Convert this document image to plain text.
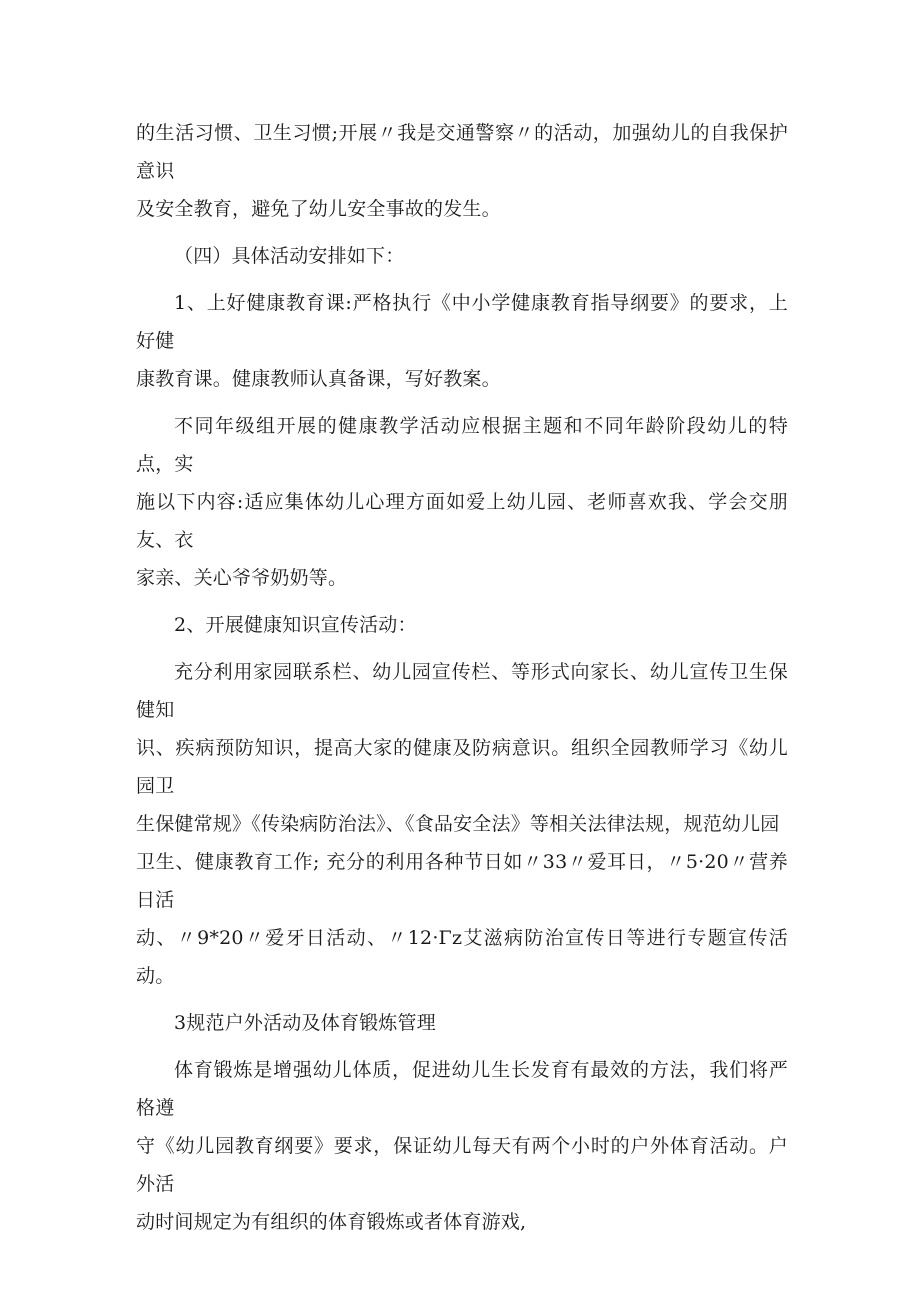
的生活习惯、卫生习惯;开展〃我是交通警察〃的活动，加强幼儿的自我保护意识
及安全教育，避免了幼儿安全事故的发生。

（四）具体活动安排如下：

1、上好健康教育课:严格执行《中小学健康教育指导纲要》的要求，上好健
康教育课。健康教师认真备课，写好教案。

不同年级组开展的健康教学活动应根据主题和不同年龄阶段幼儿的特点，实
施以下内容:适应集体幼儿心理方面如爱上幼儿园、老师喜欢我、学会交朋友、衣
家亲、关心爷爷奶奶等。

2、开展健康知识宣传活动：

充分利用家园联系栏、幼儿园宣传栏、等形式向家长、幼儿宣传卫生保健知
识、疾病预防知识，提高大家的健康及防病意识。组织全园教师学习《幼儿园卫
生保健常规》《传染病防治法》、《食品安全法》等相关法律法规，规范幼儿园
卫生、健康教育工作; 充分的利用各种节日如〃33〃爱耳日，〃5·20〃营养日活
动、〃9*20〃爱牙日活动、〃12·Γz艾滋病防治宣传日等进行专题宣传活动。

3规范户外活动及体育锻炼管理

体育锻炼是增强幼儿体质，促进幼儿生长发育有最效的方法，我们将严格遵
守《幼儿园教育纲要》要求，保证幼儿每天有两个小时的户外体育活动。户外活
动时间规定为有组织的体育锻炼或者体育游戏,
